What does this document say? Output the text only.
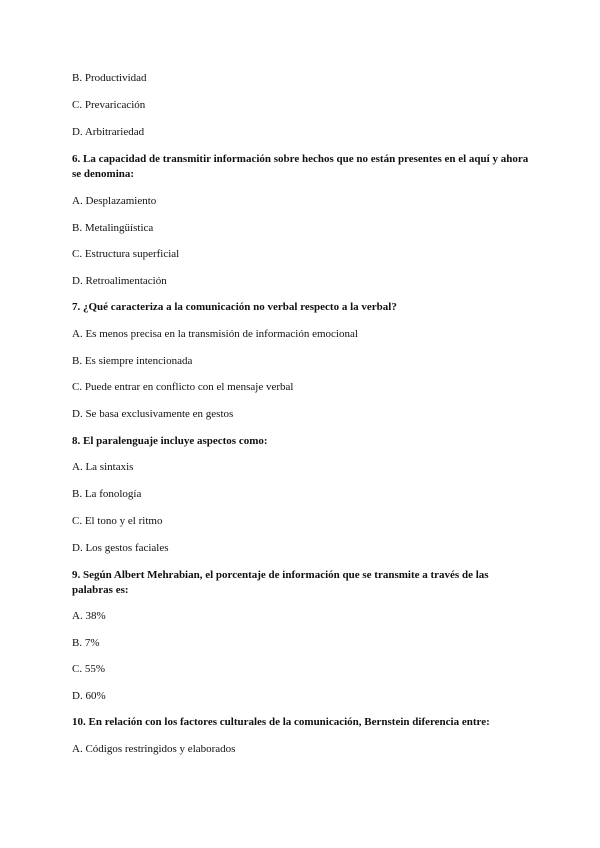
B. Productividad
C. Prevaricación
D. Arbitrariedad
6. La capacidad de transmitir información sobre hechos que no están presentes en el aquí y ahora se denomina:
A. Desplazamiento
B. Metalingüística
C. Estructura superficial
D. Retroalimentación
7. ¿Qué caracteriza a la comunicación no verbal respecto a la verbal?
A. Es menos precisa en la transmisión de información emocional
B. Es siempre intencionada
C. Puede entrar en conflicto con el mensaje verbal
D. Se basa exclusivamente en gestos
8. El paralenguaje incluye aspectos como:
A. La sintaxis
B. La fonología
C. El tono y el ritmo
D. Los gestos faciales
9. Según Albert Mehrabian, el porcentaje de información que se transmite a través de las palabras es:
A. 38%
B. 7%
C. 55%
D. 60%
10. En relación con los factores culturales de la comunicación, Bernstein diferencia entre:
A. Códigos restringidos y elaborados
